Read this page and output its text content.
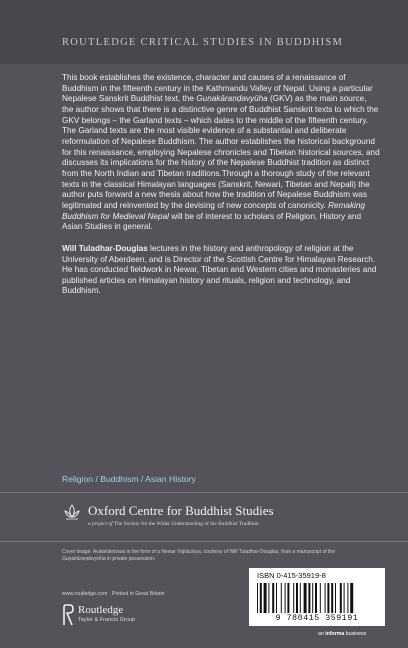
ROUTLEDGE CRITICAL STUDIES IN BUDDHISM

This book establishes the existence, character and causes of a renaissance of Buddhism in the fifteenth century in the Kathmandu Valley of Nepal. Using a particular Nepalese Sanskrit Buddhist text, the Guṇakāraṇḍavyūha (GKV) as the main source, the author shows that there is a distinctive genre of Buddhist Sanskrit texts to which the GKV belongs – the Garland texts – which dates to the middle of the fifteenth century. The Garland texts are the most visible evidence of a substantial and deliberate reformulation of Nepalese Buddhism. The author establishes the historical background for this renaissance, employing Nepalese chronicles and Tibetan historical sources, and discusses its implications for the history of the Nepalese Buddhist tradition as distinct from the North Indian and Tibetan traditions.Through a thorough study of the relevant texts in the classical Himalayan languages (Sanskrit, Newari, Tibetan and Nepali) the author puts forward a new thesis about how the tradition of Nepalese Buddhism was legitimated and reinvented by the devising of new concepts of canonicity. Remaking Buddhism for Medieval Nepal will be of interest to scholars of Religion, History and Asian Studies in general.

Will Tuladhar-Douglas lectures in the history and anthropology of religion at the University of Aberdeen, and is Director of the Scottish Centre for Himalayan Research. He has conducted fieldwork in Newar, Tibetan and Western cities and monasteries and published articles on Himalayan history and rituals, religion and technology, and Buddhism.

Religion / Buddhism / Asian History
Oxford Centre for Buddhist Studies
a project of The Society for the Wider Understanding of the Buddhist Tradition
Cover image: Avalokiteśvara in the form of a Newar Vajrācārya, courtesy of Will Tuladhar-Douglas, from a manuscript of the Guṇakāraṇḍavyūha in private possession.
www.routledge.com · Printed in Great Britain
Routledge
Taylor & Francis Group
ISBN 0-415-35919-8
9 780415 359191
an informa business
